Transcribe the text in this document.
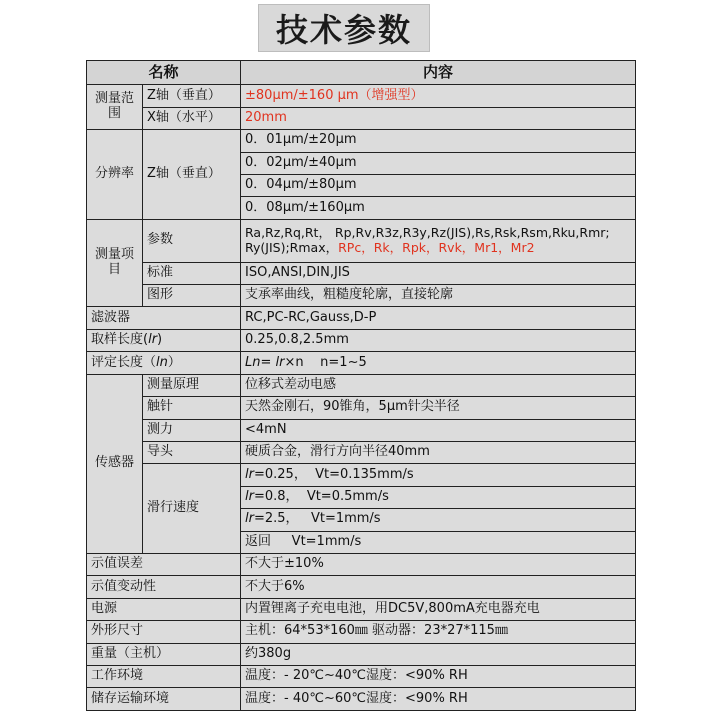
技术参数
名称		内容
测量范围	Z轴（垂直）	±80μm/±160 μm（增强型）
	X轴（水平）	20mm
分辨率	Z轴（垂直）	0．01μm/±20μm
		0．02μm/±40μm
		0．04μm/±80μm
		0．08μm/±160μm
测量项目	参数	Ra,Rz,Rq,Rt， Rp,Rv,R3z,R3y,Rz(JIS),Rs,Rsk,Rsm,Rku,Rmr;
Ry(JIS);Rmax，RPc，Rk，Rpk，Rvk，Mr1，Mr2

	标准	ISO,ANSI,DIN,JIS
	图形	支承率曲线，粗糙度轮廓，直接轮廓
滤波器		RC,PC-RC,Gauss,D-P
取样长度(lr)		0.25,0.8,2.5mm
评定长度（ln）		Ln= lr×n    n=1~5
传感器	测量原理	位移式差动电感
	触针	天然金刚石，90锥角，5μm针尖半径
	测力	<4mN
	导头	硬质合金，滑行方向半径40mm
	滑行速度	lr=0.25，  Vt=0.135mm/s
		lr=0.8，  Vt=0.5mm/s
		lr=2.5，   Vt=1mm/s
		返回     Vt=1mm/s
示值误差		不大于±10%
示值变动性		不大于6%
电源		内置锂离子充电电池，用DC5V,800mA充电器充电
外形尺寸		主机：64*53*160㎜ 驱动器：23*27*115㎜
重量（主机）		约380g
工作环境		温度：- 20℃~40℃湿度：<90% RH
储存运输环境		温度：- 40℃~60℃湿度：<90% RH
